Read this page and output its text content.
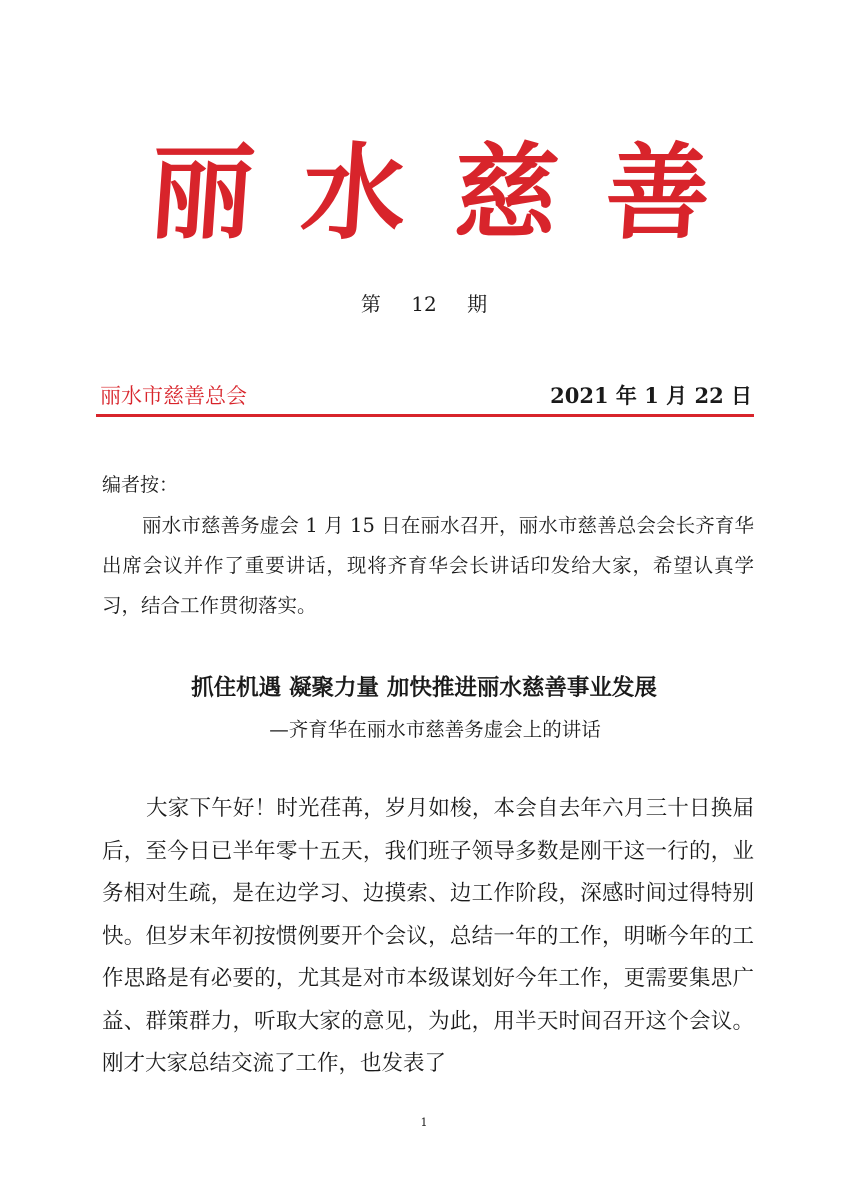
丽 水 慈 善
第 12 期
丽水市慈善总会	2021 年 1 月 22 日
编者按：

丽水市慈善务虚会 1 月 15 日在丽水召开，丽水市慈善总会会长齐育华出席会议并作了重要讲话，现将齐育华会长讲话印发给大家，希望认真学习，结合工作贯彻落实。

抓住机遇 凝聚力量 加快推进丽水慈善事业发展
—齐育华在丽水市慈善务虚会上的讲话

大家下午好！时光荏苒，岁月如梭，本会自去年六月三十日换届后，至今日已半年零十五天，我们班子领导多数是刚干这一行的，业务相对生疏，是在边学习、边摸索、边工作阶段，深感时间过得特别快。但岁末年初按惯例要开个会议，总结一年的工作，明晰今年的工作思路是有必要的，尤其是对市本级谋划好今年工作，更需要集思广益、群策群力，听取大家的意见，为此，用半天时间召开这个会议。刚才大家总结交流了工作，也发表了

1
